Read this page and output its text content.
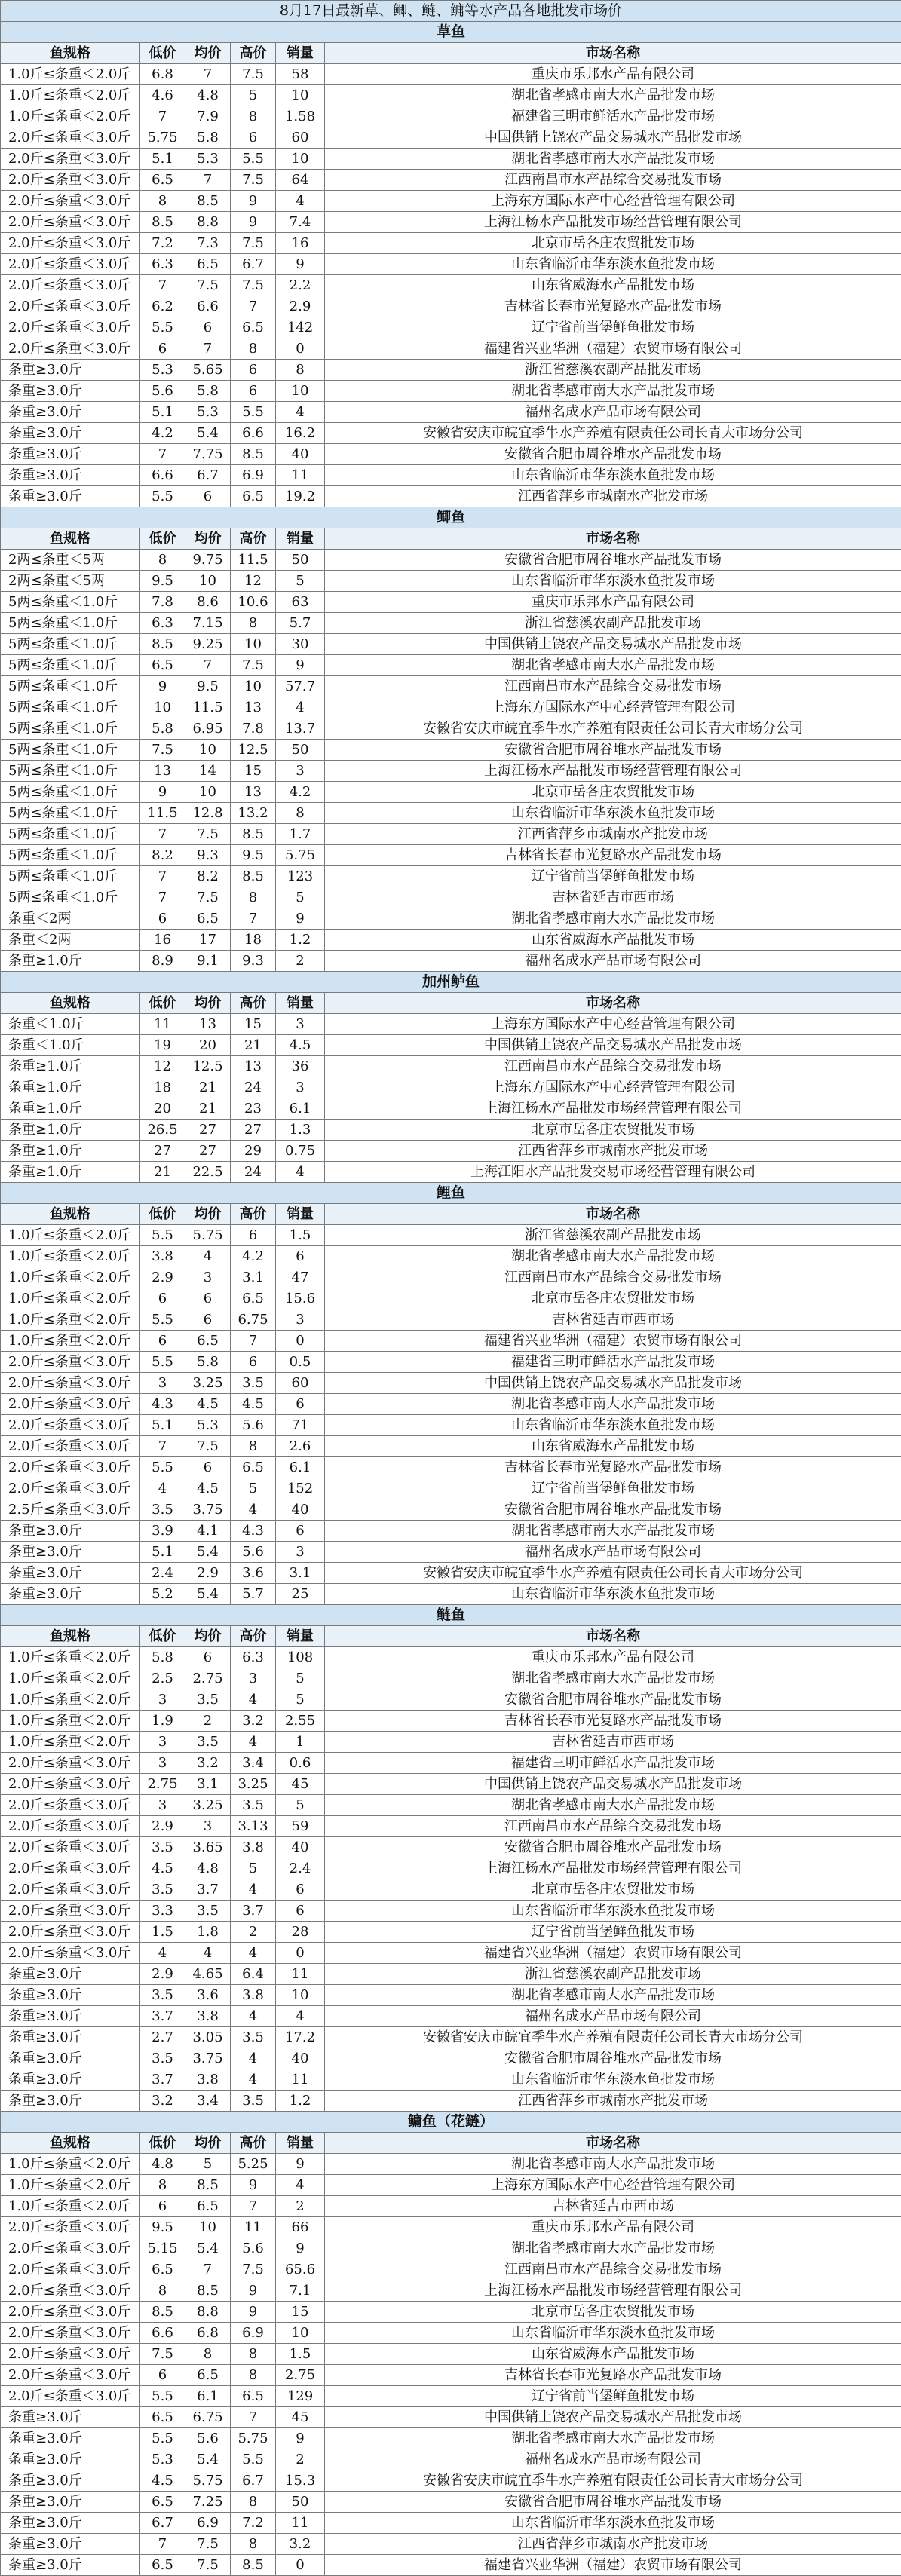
8月17日最新草、鲫、鲢、鳙等水产品各地批发市场价					
草鱼					
鱼规格	低价	均价	高价	销量	市场名称
1.0斤≤条重＜2.0斤	6.8	7	7.5	58	重庆市乐邦水产品有限公司
1.0斤≤条重＜2.0斤	4.6	4.8	5	10	湖北省孝感市南大水产品批发市场
1.0斤≤条重＜2.0斤	7	7.9	8	1.58	福建省三明市鲜活水产品批发市场
2.0斤≤条重＜3.0斤	5.75	5.8	6	60	中国供销上饶农产品交易城水产品批发市场
2.0斤≤条重＜3.0斤	5.1	5.3	5.5	10	湖北省孝感市南大水产品批发市场
2.0斤≤条重＜3.0斤	6.5	7	7.5	64	江西南昌市水产品综合交易批发市场
2.0斤≤条重＜3.0斤	8	8.5	9	4	上海东方国际水产中心经营管理有限公司
2.0斤≤条重＜3.0斤	8.5	8.8	9	7.4	上海江杨水产品批发市场经营管理有限公司
2.0斤≤条重＜3.0斤	7.2	7.3	7.5	16	北京市岳各庄农贸批发市场
2.0斤≤条重＜3.0斤	6.3	6.5	6.7	9	山东省临沂市华东淡水鱼批发市场
2.0斤≤条重＜3.0斤	7	7.5	7.5	2.2	山东省威海水产品批发市场
2.0斤≤条重＜3.0斤	6.2	6.6	7	2.9	吉林省长春市光复路水产品批发市场
2.0斤≤条重＜3.0斤	5.5	6	6.5	142	辽宁省前当堡鲜鱼批发市场
2.0斤≤条重＜3.0斤	6	7	8	0	福建省兴业华洲（福建）农贸市场有限公司
条重≥3.0斤	5.3	5.65	6	8	浙江省慈溪农副产品批发市场
条重≥3.0斤	5.6	5.8	6	10	湖北省孝感市南大水产品批发市场
条重≥3.0斤	5.1	5.3	5.5	4	福州名成水产品市场有限公司
条重≥3.0斤	4.2	5.4	6.6	16.2	安徽省安庆市皖宜季牛水产养殖有限责任公司长青大市场分公司
条重≥3.0斤	7	7.75	8.5	40	安徽省合肥市周谷堆水产品批发市场
条重≥3.0斤	6.6	6.7	6.9	11	山东省临沂市华东淡水鱼批发市场
条重≥3.0斤	5.5	6	6.5	19.2	江西省萍乡市城南水产批发市场
鲫鱼					
鱼规格	低价	均价	高价	销量	市场名称
2两≤条重＜5两	8	9.75	11.5	50	安徽省合肥市周谷堆水产品批发市场
2两≤条重＜5两	9.5	10	12	5	山东省临沂市华东淡水鱼批发市场
5两≤条重＜1.0斤	7.8	8.6	10.6	63	重庆市乐邦水产品有限公司
5两≤条重＜1.0斤	6.3	7.15	8	5.7	浙江省慈溪农副产品批发市场
5两≤条重＜1.0斤	8.5	9.25	10	30	中国供销上饶农产品交易城水产品批发市场
5两≤条重＜1.0斤	6.5	7	7.5	9	湖北省孝感市南大水产品批发市场
5两≤条重＜1.0斤	9	9.5	10	57.7	江西南昌市水产品综合交易批发市场
5两≤条重＜1.0斤	10	11.5	13	4	上海东方国际水产中心经营管理有限公司
5两≤条重＜1.0斤	5.8	6.95	7.8	13.7	安徽省安庆市皖宜季牛水产养殖有限责任公司长青大市场分公司
5两≤条重＜1.0斤	7.5	10	12.5	50	安徽省合肥市周谷堆水产品批发市场
5两≤条重＜1.0斤	13	14	15	3	上海江杨水产品批发市场经营管理有限公司
5两≤条重＜1.0斤	9	10	13	4.2	北京市岳各庄农贸批发市场
5两≤条重＜1.0斤	11.5	12.8	13.2	8	山东省临沂市华东淡水鱼批发市场
5两≤条重＜1.0斤	7	7.5	8.5	1.7	江西省萍乡市城南水产批发市场
5两≤条重＜1.0斤	8.2	9.3	9.5	5.75	吉林省长春市光复路水产品批发市场
5两≤条重＜1.0斤	7	8.2	8.5	123	辽宁省前当堡鲜鱼批发市场
5两≤条重＜1.0斤	7	7.5	8	5	吉林省延吉市西市场
条重＜2两	6	6.5	7	9	湖北省孝感市南大水产品批发市场
条重＜2两	16	17	18	1.2	山东省威海水产品批发市场
条重≥1.0斤	8.9	9.1	9.3	2	福州名成水产品市场有限公司
加州鲈鱼					
鱼规格	低价	均价	高价	销量	市场名称
条重＜1.0斤	11	13	15	3	上海东方国际水产中心经营管理有限公司
条重＜1.0斤	19	20	21	4.5	中国供销上饶农产品交易城水产品批发市场
条重≥1.0斤	12	12.5	13	36	江西南昌市水产品综合交易批发市场
条重≥1.0斤	18	21	24	3	上海东方国际水产中心经营管理有限公司
条重≥1.0斤	20	21	23	6.1	上海江杨水产品批发市场经营管理有限公司
条重≥1.0斤	26.5	27	27	1.3	北京市岳各庄农贸批发市场
条重≥1.0斤	27	27	29	0.75	江西省萍乡市城南水产批发市场
条重≥1.0斤	21	22.5	24	4	上海江阳水产品批发交易市场经营管理有限公司
鲤鱼					
鱼规格	低价	均价	高价	销量	市场名称
1.0斤≤条重＜2.0斤	5.5	5.75	6	1.5	浙江省慈溪农副产品批发市场
1.0斤≤条重＜2.0斤	3.8	4	4.2	6	湖北省孝感市南大水产品批发市场
1.0斤≤条重＜2.0斤	2.9	3	3.1	47	江西南昌市水产品综合交易批发市场
1.0斤≤条重＜2.0斤	6	6	6.5	15.6	北京市岳各庄农贸批发市场
1.0斤≤条重＜2.0斤	5.5	6	6.75	3	吉林省延吉市西市场
1.0斤≤条重＜2.0斤	6	6.5	7	0	福建省兴业华洲（福建）农贸市场有限公司
2.0斤≤条重＜3.0斤	5.5	5.8	6	0.5	福建省三明市鲜活水产品批发市场
2.0斤≤条重＜3.0斤	3	3.25	3.5	60	中国供销上饶农产品交易城水产品批发市场
2.0斤≤条重＜3.0斤	4.3	4.5	4.5	6	湖北省孝感市南大水产品批发市场
2.0斤≤条重＜3.0斤	5.1	5.3	5.6	71	山东省临沂市华东淡水鱼批发市场
2.0斤≤条重＜3.0斤	7	7.5	8	2.6	山东省威海水产品批发市场
2.0斤≤条重＜3.0斤	5.5	6	6.5	6.1	吉林省长春市光复路水产品批发市场
2.0斤≤条重＜3.0斤	4	4.5	5	152	辽宁省前当堡鲜鱼批发市场
2.5斤≤条重＜3.0斤	3.5	3.75	4	40	安徽省合肥市周谷堆水产品批发市场
条重≥3.0斤	3.9	4.1	4.3	6	湖北省孝感市南大水产品批发市场
条重≥3.0斤	5.1	5.4	5.6	3	福州名成水产品市场有限公司
条重≥3.0斤	2.4	2.9	3.6	3.1	安徽省安庆市皖宜季牛水产养殖有限责任公司长青大市场分公司
条重≥3.0斤	5.2	5.4	5.7	25	山东省临沂市华东淡水鱼批发市场
鲢鱼					
鱼规格	低价	均价	高价	销量	市场名称
1.0斤≤条重＜2.0斤	5.8	6	6.3	108	重庆市乐邦水产品有限公司
1.0斤≤条重＜2.0斤	2.5	2.75	3	5	湖北省孝感市南大水产品批发市场
1.0斤≤条重＜2.0斤	3	3.5	4	5	安徽省合肥市周谷堆水产品批发市场
1.0斤≤条重＜2.0斤	1.9	2	3.2	2.55	吉林省长春市光复路水产品批发市场
1.0斤≤条重＜2.0斤	3	3.5	4	1	吉林省延吉市西市场
2.0斤≤条重＜3.0斤	3	3.2	3.4	0.6	福建省三明市鲜活水产品批发市场
2.0斤≤条重＜3.0斤	2.75	3.1	3.25	45	中国供销上饶农产品交易城水产品批发市场
2.0斤≤条重＜3.0斤	3	3.25	3.5	5	湖北省孝感市南大水产品批发市场
2.0斤≤条重＜3.0斤	2.9	3	3.13	59	江西南昌市水产品综合交易批发市场
2.0斤≤条重＜3.0斤	3.5	3.65	3.8	40	安徽省合肥市周谷堆水产品批发市场
2.0斤≤条重＜3.0斤	4.5	4.8	5	2.4	上海江杨水产品批发市场经营管理有限公司
2.0斤≤条重＜3.0斤	3.5	3.7	4	6	北京市岳各庄农贸批发市场
2.0斤≤条重＜3.0斤	3.3	3.5	3.7	6	山东省临沂市华东淡水鱼批发市场
2.0斤≤条重＜3.0斤	1.5	1.8	2	28	辽宁省前当堡鲜鱼批发市场
2.0斤≤条重＜3.0斤	4	4	4	0	福建省兴业华洲（福建）农贸市场有限公司
条重≥3.0斤	2.9	4.65	6.4	11	浙江省慈溪农副产品批发市场
条重≥3.0斤	3.5	3.6	3.8	10	湖北省孝感市南大水产品批发市场
条重≥3.0斤	3.7	3.8	4	4	福州名成水产品市场有限公司
条重≥3.0斤	2.7	3.05	3.5	17.2	安徽省安庆市皖宜季牛水产养殖有限责任公司长青大市场分公司
条重≥3.0斤	3.5	3.75	4	40	安徽省合肥市周谷堆水产品批发市场
条重≥3.0斤	3.7	3.8	4	11	山东省临沂市华东淡水鱼批发市场
条重≥3.0斤	3.2	3.4	3.5	1.2	江西省萍乡市城南水产批发市场
鳙鱼（花鲢）					
鱼规格	低价	均价	高价	销量	市场名称
1.0斤≤条重＜2.0斤	4.8	5	5.25	9	湖北省孝感市南大水产品批发市场
1.0斤≤条重＜2.0斤	8	8.5	9	4	上海东方国际水产中心经营管理有限公司
1.0斤≤条重＜2.0斤	6	6.5	7	2	吉林省延吉市西市场
2.0斤≤条重＜3.0斤	9.5	10	11	66	重庆市乐邦水产品有限公司
2.0斤≤条重＜3.0斤	5.15	5.4	5.6	9	湖北省孝感市南大水产品批发市场
2.0斤≤条重＜3.0斤	6.5	7	7.5	65.6	江西南昌市水产品综合交易批发市场
2.0斤≤条重＜3.0斤	8	8.5	9	7.1	上海江杨水产品批发市场经营管理有限公司
2.0斤≤条重＜3.0斤	8.5	8.8	9	15	北京市岳各庄农贸批发市场
2.0斤≤条重＜3.0斤	6.6	6.8	6.9	10	山东省临沂市华东淡水鱼批发市场
2.0斤≤条重＜3.0斤	7.5	8	8	1.5	山东省威海水产品批发市场
2.0斤≤条重＜3.0斤	6	6.5	8	2.75	吉林省长春市光复路水产品批发市场
2.0斤≤条重＜3.0斤	5.5	6.1	6.5	129	辽宁省前当堡鲜鱼批发市场
条重≥3.0斤	6.5	6.75	7	45	中国供销上饶农产品交易城水产品批发市场
条重≥3.0斤	5.5	5.6	5.75	9	湖北省孝感市南大水产品批发市场
条重≥3.0斤	5.3	5.4	5.5	2	福州名成水产品市场有限公司
条重≥3.0斤	4.5	5.75	6.7	15.3	安徽省安庆市皖宜季牛水产养殖有限责任公司长青大市场分公司
条重≥3.0斤	6.5	7.25	8	50	安徽省合肥市周谷堆水产品批发市场
条重≥3.0斤	6.7	6.9	7.2	11	山东省临沂市华东淡水鱼批发市场
条重≥3.0斤	7	7.5	8	3.2	江西省萍乡市城南水产批发市场
条重≥3.0斤	6.5	7.5	8.5	0	福建省兴业华洲（福建）农贸市场有限公司
